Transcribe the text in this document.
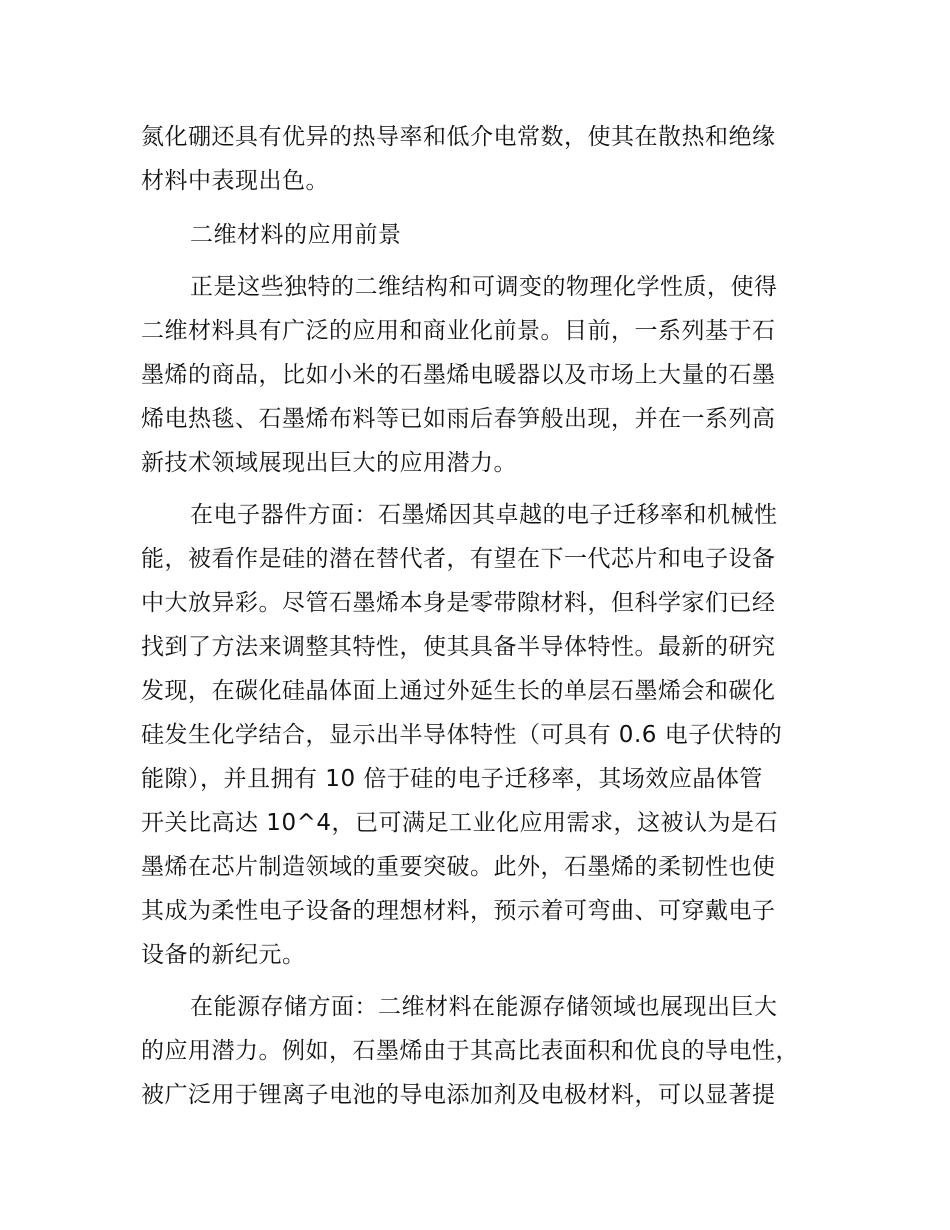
氮化硼还具有优异的热导率和低介电常数，使其在散热和绝缘
材料中表现出色。
二维材料的应用前景
正是这些独特的二维结构和可调变的物理化学性质，使得
二维材料具有广泛的应用和商业化前景。目前，一系列基于石
墨烯的商品，比如小米的石墨烯电暖器以及市场上大量的石墨
烯电热毯、石墨烯布料等已如雨后春笋般出现，并在一系列高
新技术领域展现出巨大的应用潜力。
在电子器件方面：石墨烯因其卓越的电子迁移率和机械性
能，被看作是硅的潜在替代者，有望在下一代芯片和电子设备
中大放异彩。尽管石墨烯本身是零带隙材料，但科学家们已经
找到了方法来调整其特性，使其具备半导体特性。最新的研究
发现，在碳化硅晶体面上通过外延生长的单层石墨烯会和碳化
硅发生化学结合，显示出半导体特性（可具有 0.6 电子伏特的
能隙），并且拥有 10 倍于硅的电子迁移率，其场效应晶体管
开关比高达 10^4，已可满足工业化应用需求，这被认为是石
墨烯在芯片制造领域的重要突破。此外，石墨烯的柔韧性也使
其成为柔性电子设备的理想材料，预示着可弯曲、可穿戴电子
设备的新纪元。
在能源存储方面：二维材料在能源存储领域也展现出巨大
的应用潜力。例如，石墨烯由于其高比表面积和优良的导电性，
被广泛用于锂离子电池的导电添加剂及电极材料，可以显著提
